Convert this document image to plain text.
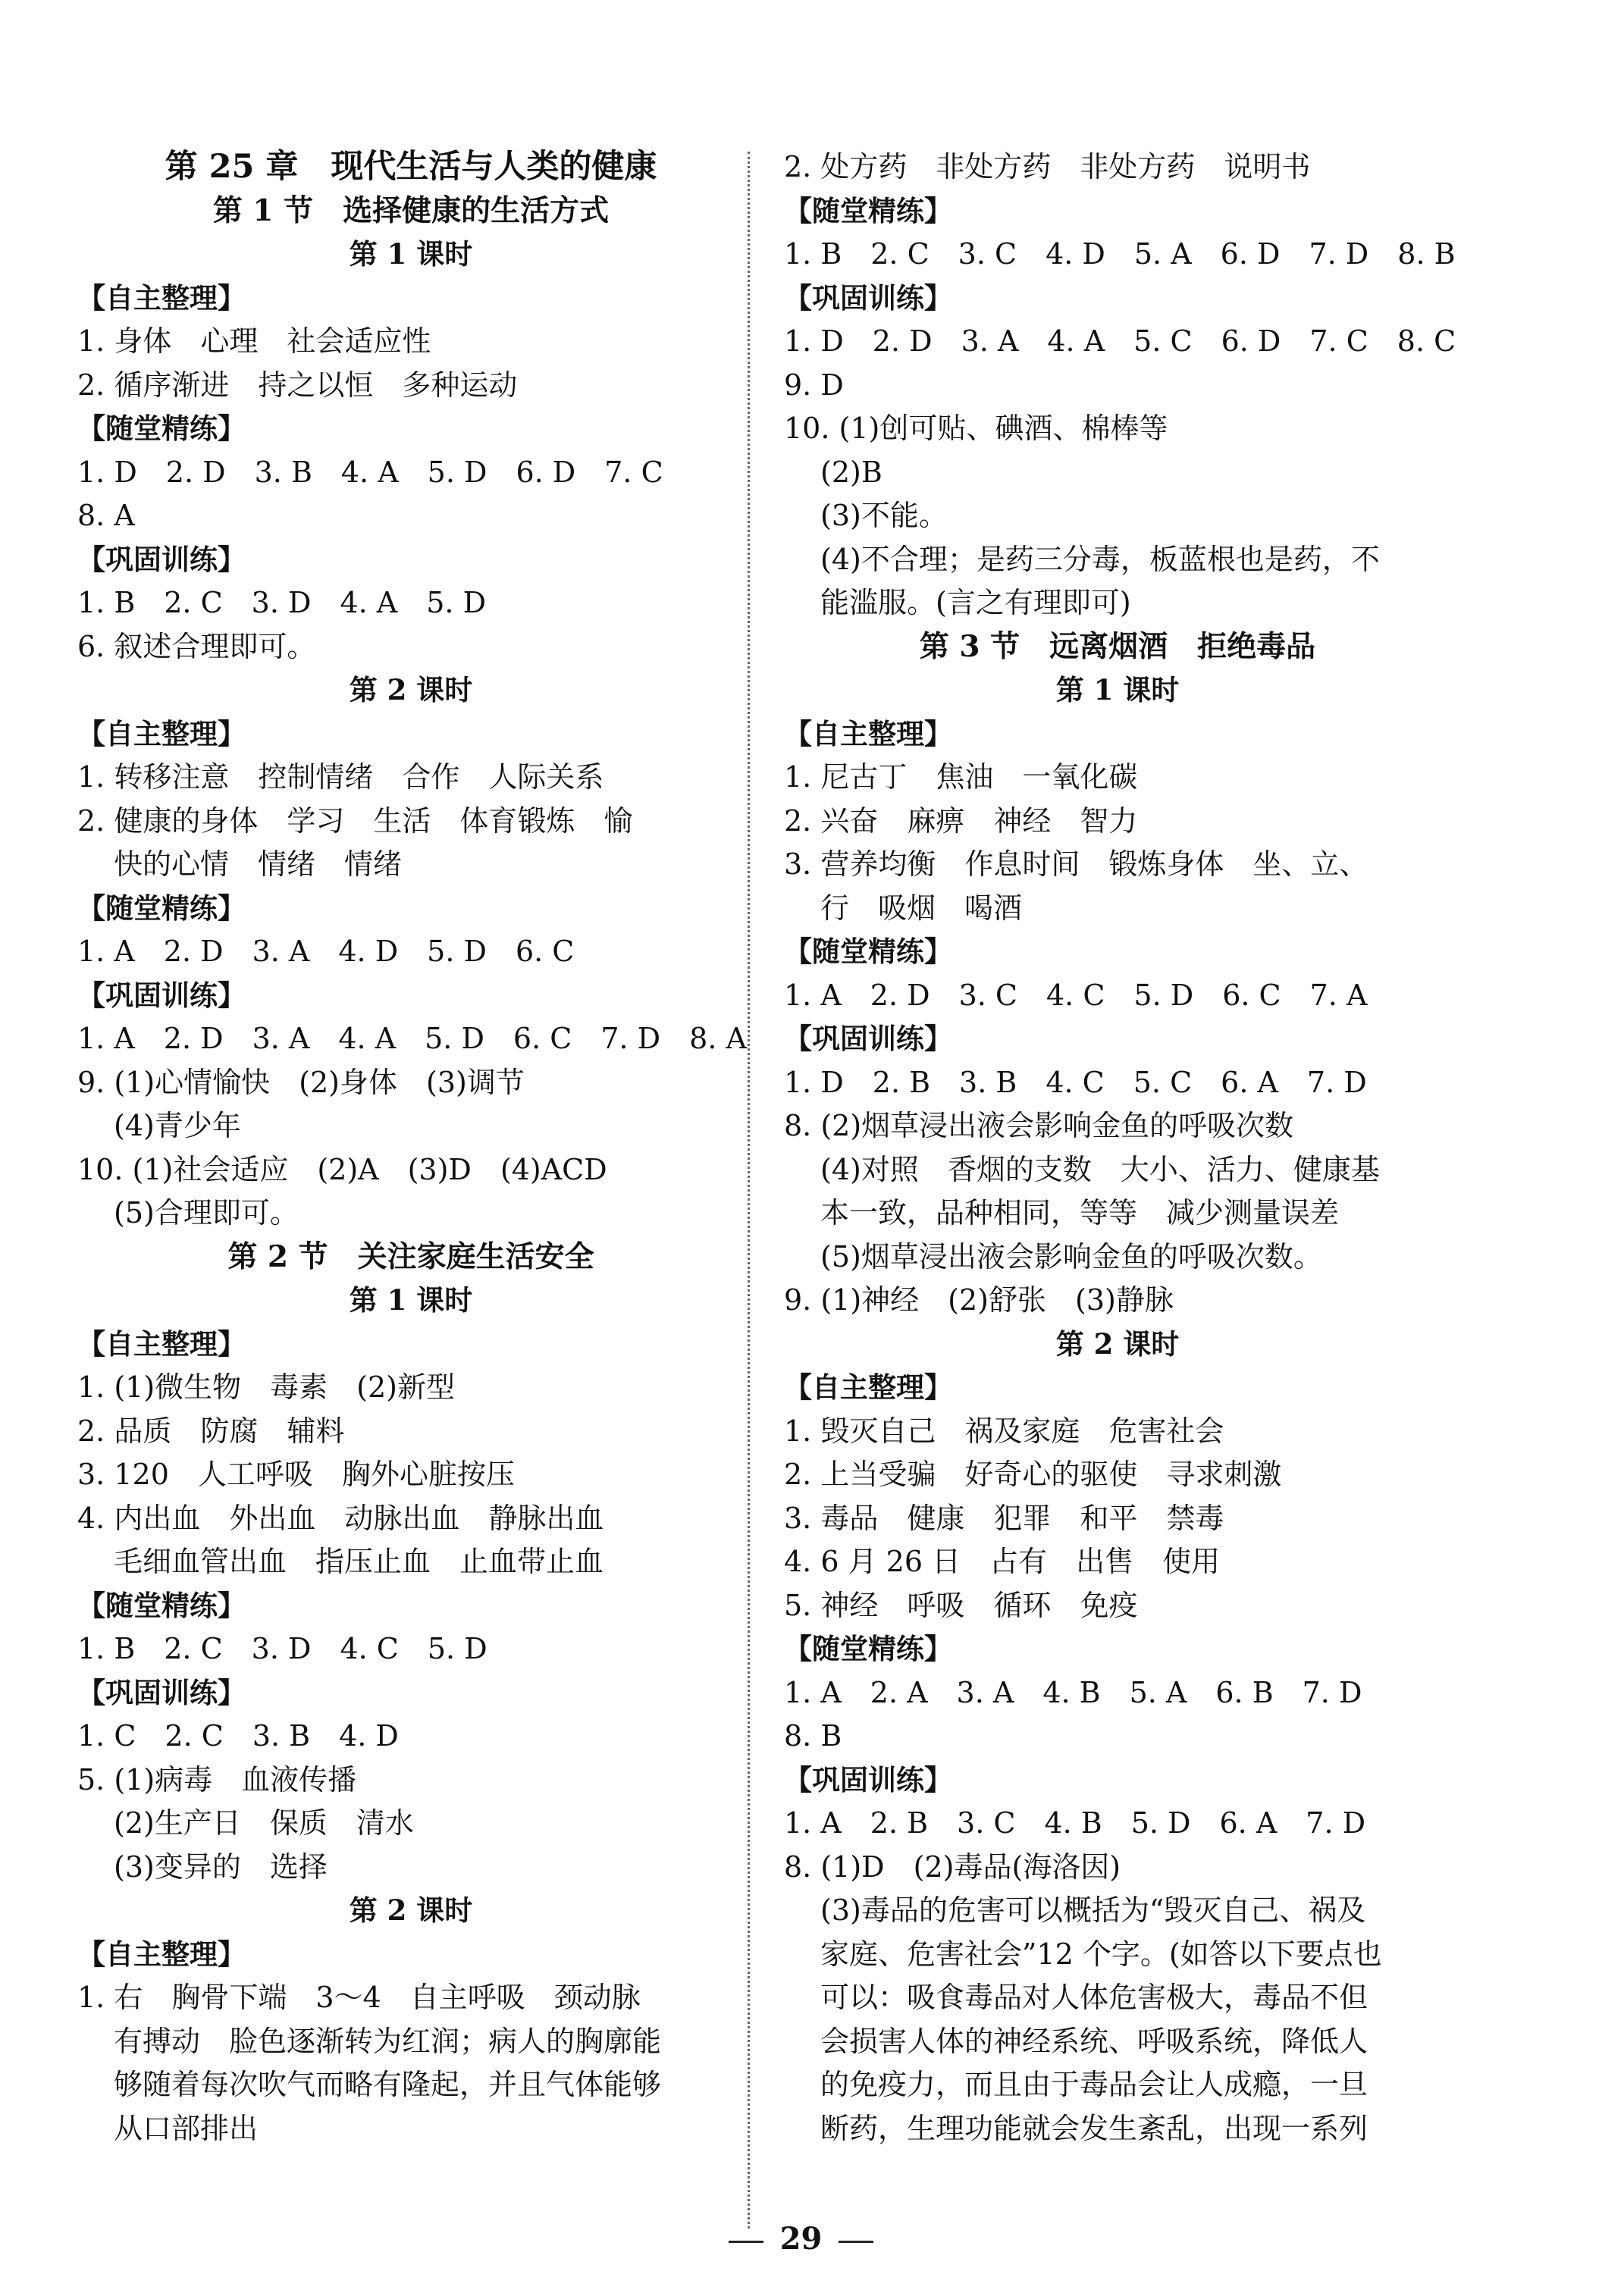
第 25 章　现代生活与人类的健康
第 1 节　选择健康的生活方式
第 1 课时
【自主整理】
1. 身体　心理　社会适应性
2. 循序渐进　持之以恒　多种运动
【随堂精练】
1. D　2. D　3. B　4. A　5. D　6. D　7. C
8. A
【巩固训练】
1. B　2. C　3. D　4. A　5. D
6. 叙述合理即可。
第 2 课时
【自主整理】
1. 转移注意　控制情绪　合作　人际关系
2. 健康的身体　学习　生活　体育锻炼　愉
快的心情　情绪　情绪
【随堂精练】
1. A　2. D　3. A　4. D　5. D　6. C
【巩固训练】
1. A　2. D　3. A　4. A　5. D　6. C　7. D　8. A
9. (1)心情愉快　(2)身体　(3)调节
(4)青少年
10. (1)社会适应　(2)A　(3)D　(4)ACD
(5)合理即可。
第 2 节　关注家庭生活安全
第 1 课时
【自主整理】
1. (1)微生物　毒素　(2)新型
2. 品质　防腐　辅料
3. 120　人工呼吸　胸外心脏按压
4. 内出血　外出血　动脉出血　静脉出血
毛细血管出血　指压止血　止血带止血
【随堂精练】
1. B　2. C　3. D　4. C　5. D
【巩固训练】
1. C　2. C　3. B　4. D
5. (1)病毒　血液传播
(2)生产日　保质　清水
(3)变异的　选择
第 2 课时
【自主整理】
1. 右　胸骨下端　3～4　自主呼吸　颈动脉
有搏动　脸色逐渐转为红润；病人的胸廓能
够随着每次吹气而略有隆起，并且气体能够
从口部排出
2. 处方药　非处方药　非处方药　说明书
【随堂精练】
1. B　2. C　3. C　4. D　5. A　6. D　7. D　8. B
【巩固训练】
1. D　2. D　3. A　4. A　5. C　6. D　7. C　8. C
9. D
10. (1)创可贴、碘酒、棉棒等
(2)B
(3)不能。
(4)不合理；是药三分毒，板蓝根也是药，不
能滥服。(言之有理即可)
第 3 节　远离烟酒　拒绝毒品
第 1 课时
【自主整理】
1. 尼古丁　焦油　一氧化碳
2. 兴奋　麻痹　神经　智力
3. 营养均衡　作息时间　锻炼身体　坐、立、
行　吸烟　喝酒
【随堂精练】
1. A　2. D　3. C　4. C　5. D　6. C　7. A
【巩固训练】
1. D　2. B　3. B　4. C　5. C　6. A　7. D
8. (2)烟草浸出液会影响金鱼的呼吸次数
(4)对照　香烟的支数　大小、活力、健康基
本一致，品种相同，等等　减少测量误差
(5)烟草浸出液会影响金鱼的呼吸次数。
9. (1)神经　(2)舒张　(3)静脉
第 2 课时
【自主整理】
1. 毁灭自己　祸及家庭　危害社会
2. 上当受骗　好奇心的驱使　寻求刺激
3. 毒品　健康　犯罪　和平　禁毒
4. 6 月 26 日　占有　出售　使用
5. 神经　呼吸　循环　免疫
【随堂精练】
1. A　2. A　3. A　4. B　5. A　6. B　7. D
8. B
【巩固训练】
1. A　2. B　3. C　4. B　5. D　6. A　7. D
8. (1)D　(2)毒品(海洛因)
(3)毒品的危害可以概括为“毁灭自己、祸及
家庭、危害社会”12 个字。(如答以下要点也
可以：吸食毒品对人体危害极大，毒品不但
会损害人体的神经系统、呼吸系统，降低人
的免疫力，而且由于毒品会让人成瘾，一旦
断药，生理功能就会发生紊乱，出现一系列
29
